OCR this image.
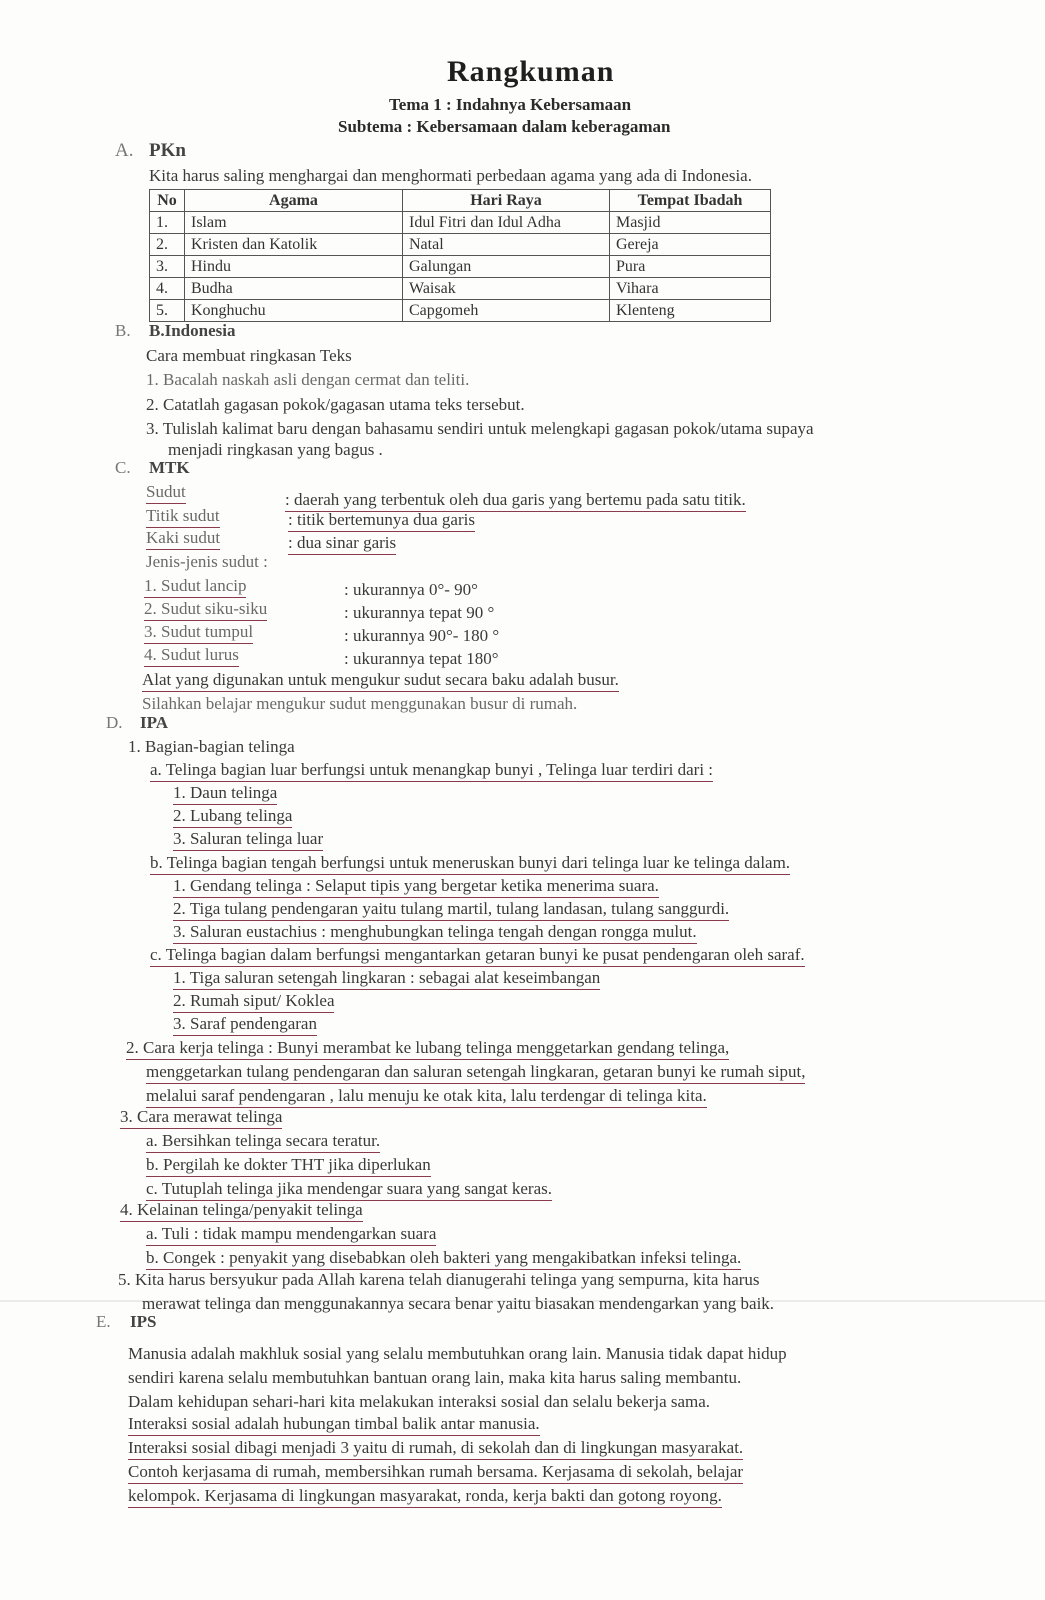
Rangkuman
Tema 1 : Indahnya Kebersamaan
Subtema : Kebersamaan dalam keberagaman
A. PKn
Kita harus saling menghargai dan menghormati perbedaan agama yang ada di Indonesia.
No	Agama	Hari Raya	Tempat Ibadah
1.	Islam	Idul Fitri dan Idul Adha	Masjid
2.	Kristen dan Katolik	Natal	Gereja
3.	Hindu	Galungan	Pura
4.	Budha	Waisak	Vihara
5.	Konghuchu	Capgomeh	Klenteng
B. B.Indonesia
Cara membuat ringkasan Teks
1. Bacalah naskah asli dengan cermat dan teliti.
2. Catatlah gagasan pokok/gagasan utama teks tersebut.
3. Tulislah kalimat baru dengan bahasamu sendiri untuk melengkapi gagasan pokok/utama supaya
menjadi ringkasan yang bagus .
C. MTK
Sudut	: daerah yang terbentuk oleh dua garis yang bertemu pada satu titik.
Titik sudut	: titik bertemunya dua garis
Kaki sudut	: dua sinar garis
Jenis-jenis sudut :
1. Sudut lancip	: ukurannya 0°- 90°
2. Sudut siku-siku	: ukurannya tepat 90 °
3. Sudut tumpul	: ukurannya 90°- 180 °
4. Sudut lurus	: ukurannya tepat 180°
Alat yang digunakan untuk mengukur sudut secara baku adalah busur.
Silahkan belajar mengukur sudut menggunakan busur di rumah.
D. IPA
1. Bagian-bagian telinga
a. Telinga bagian luar berfungsi untuk menangkap bunyi , Telinga luar terdiri dari :
1. Daun telinga
2. Lubang telinga
3. Saluran telinga luar
b. Telinga bagian tengah berfungsi untuk meneruskan bunyi dari telinga luar ke telinga dalam.
1. Gendang telinga : Selaput tipis yang bergetar ketika menerima suara.
2. Tiga tulang pendengaran yaitu tulang martil, tulang landasan, tulang sanggurdi.
3. Saluran eustachius : menghubungkan telinga tengah dengan rongga mulut.
c. Telinga bagian dalam berfungsi mengantarkan getaran bunyi ke pusat pendengaran oleh saraf.
1. Tiga saluran setengah lingkaran : sebagai alat keseimbangan
2. Rumah siput/ Koklea
3. Saraf pendengaran
2. Cara kerja telinga : Bunyi merambat ke lubang telinga menggetarkan gendang telinga,
menggetarkan tulang pendengaran dan saluran setengah lingkaran, getaran bunyi ke rumah siput,
melalui saraf pendengaran , lalu menuju ke otak kita, lalu terdengar di telinga kita.
3. Cara merawat telinga
a. Bersihkan telinga secara teratur.
b. Pergilah ke dokter THT jika diperlukan
c. Tutuplah telinga jika mendengar suara yang sangat keras.
4. Kelainan telinga/penyakit telinga
a. Tuli : tidak mampu mendengarkan suara
b. Congek : penyakit yang disebabkan oleh bakteri yang mengakibatkan infeksi telinga.
5. Kita harus bersyukur pada Allah karena telah dianugerahi telinga yang sempurna, kita harus
merawat telinga dan menggunakannya secara benar yaitu biasakan mendengarkan yang baik.
E. IPS
Manusia adalah makhluk sosial yang selalu membutuhkan orang lain. Manusia tidak dapat hidup
sendiri karena selalu membutuhkan bantuan orang lain, maka kita harus saling membantu.
Dalam kehidupan sehari-hari kita melakukan interaksi sosial dan selalu bekerja sama.
Interaksi sosial adalah hubungan timbal balik antar manusia.
Interaksi sosial dibagi menjadi 3 yaitu di rumah, di sekolah dan di lingkungan masyarakat.
Contoh kerjasama di rumah, membersihkan rumah bersama. Kerjasama di sekolah, belajar
kelompok. Kerjasama di lingkungan masyarakat, ronda, kerja bakti dan gotong royong.
